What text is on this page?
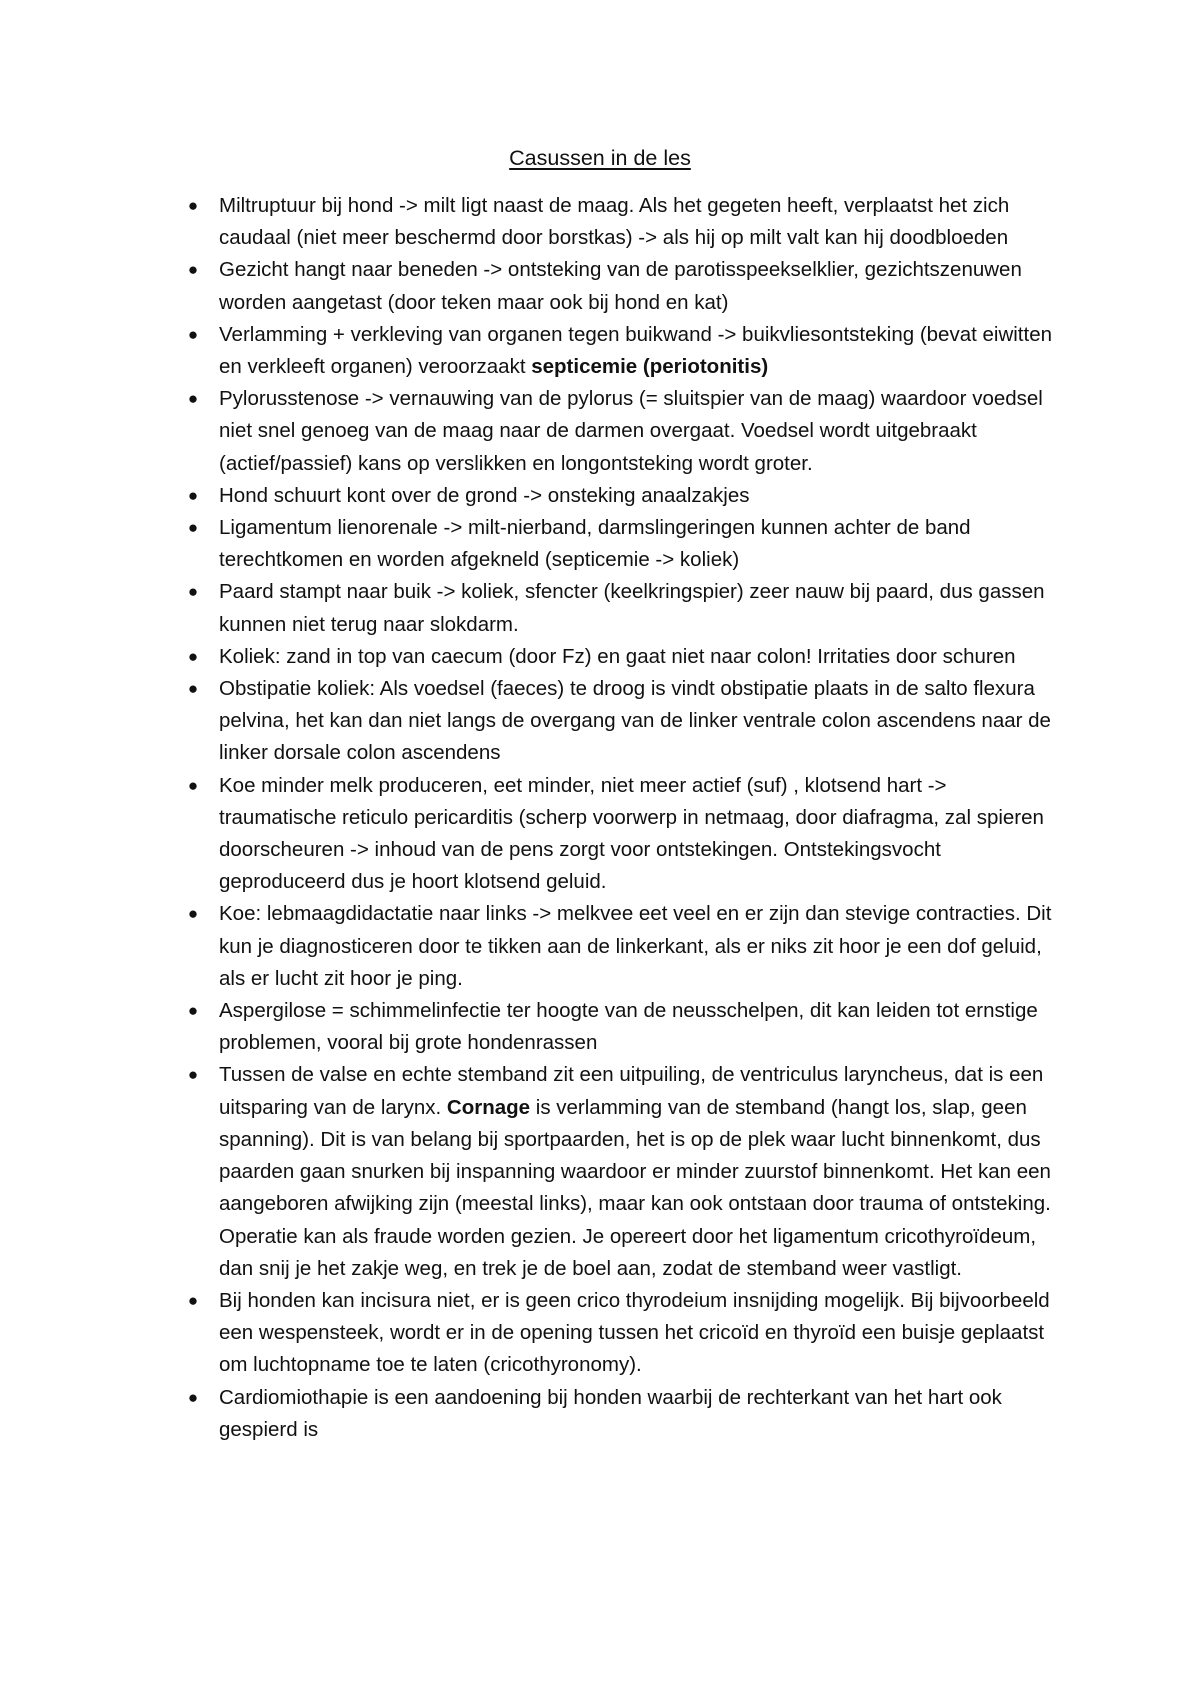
Casussen in de les
● Miltruptuur bij hond -> milt ligt naast de maag. Als het gegeten heeft, verplaatst het zich caudaal (niet meer beschermd door borstkas) -> als hij op milt valt kan hij doodbloeden
● Gezicht hangt naar beneden -> ontsteking van de parotisspeekselklier, gezichtszenuwen worden aangetast (door teken maar ook bij hond en kat)
● Verlamming + verkleving van organen tegen buikwand -> buikvliesontsteking (bevat eiwitten en verkleeft organen) veroorzaakt septicemie (periotonitis)
● Pylorusstenose -> vernauwing van de pylorus (= sluitspier van de maag) waardoor voedsel niet snel genoeg van de maag naar de darmen overgaat. Voedsel wordt uitgebraakt (actief/passief) kans op verslikken en longontsteking wordt groter.
● Hond schuurt kont over de grond -> onsteking anaalzakjes
● Ligamentum lienorenale -> milt-nierband, darmslingeringen kunnen achter de band terechtkomen en worden afgekneld (septicemie -> koliek)
● Paard stampt naar buik -> koliek, sfencter (keelkringspier) zeer nauw bij paard, dus gassen kunnen niet terug naar slokdarm.
● Koliek: zand in top van caecum (door Fz) en gaat niet naar colon! Irritaties door schuren
● Obstipatie koliek: Als voedsel (faeces) te droog is vindt obstipatie plaats in de salto flexura pelvina, het kan dan niet langs de overgang van de linker ventrale colon ascendens naar de linker dorsale colon ascendens
● Koe minder melk produceren, eet minder, niet meer actief (suf) , klotsend hart -> traumatische reticulo pericarditis (scherp voorwerp in netmaag, door diafragma, zal spieren doorscheuren -> inhoud van de pens zorgt voor ontstekingen. Ontstekingsvocht geproduceerd dus je hoort klotsend geluid.
● Koe: lebmaagdidactatie naar links -> melkvee eet veel en er zijn dan stevige contracties. Dit kun je diagnosticeren door te tikken aan de linkerkant, als er niks zit hoor je een dof geluid, als er lucht zit hoor je ping.
● Aspergilose = schimmelinfectie ter hoogte van de neusschelpen, dit kan leiden tot ernstige problemen, vooral bij grote hondenrassen
● Tussen de valse en echte stemband zit een uitpuiling, de ventriculus laryncheus, dat is een uitsparing van de larynx. Cornage is verlamming van de stemband (hangt los, slap, geen spanning). Dit is van belang bij sportpaarden, het is op de plek waar lucht binnenkomt, dus paarden gaan snurken bij inspanning waardoor er minder zuurstof binnenkomt. Het kan een aangeboren afwijking zijn (meestal links), maar kan ook ontstaan door trauma of ontsteking. Operatie kan als fraude worden gezien. Je opereert door het ligamentum cricothyroïdeum, dan snij je het zakje weg, en trek je de boel aan, zodat de stemband weer vastligt.
● Bij honden kan incisura niet, er is geen crico thyrodeium insnijding mogelijk. Bij bijvoorbeeld een wespensteek, wordt er in de opening tussen het cricoïd en thyroïd een buisje geplaatst om luchtopname toe te laten (cricothyronomy).
● Cardiomiothapie is een aandoening bij honden waarbij de rechterkant van het hart ook gespierd is
